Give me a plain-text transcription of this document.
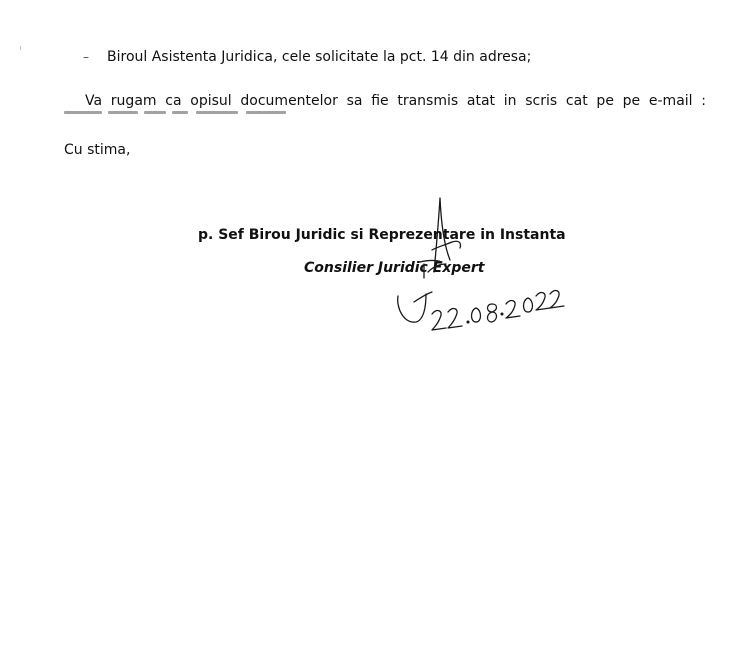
– Biroul Asistenta Juridica, cele solicitate la pct. 14 din adresa;
Va rugam ca opisul documentelor sa fie transmis atat in scris cat pe pe e-mail :
Cu stima,
p. Sef Birou Juridic si Reprezentare in Instanta
Consilier Juridic Expert
22.08.2022
